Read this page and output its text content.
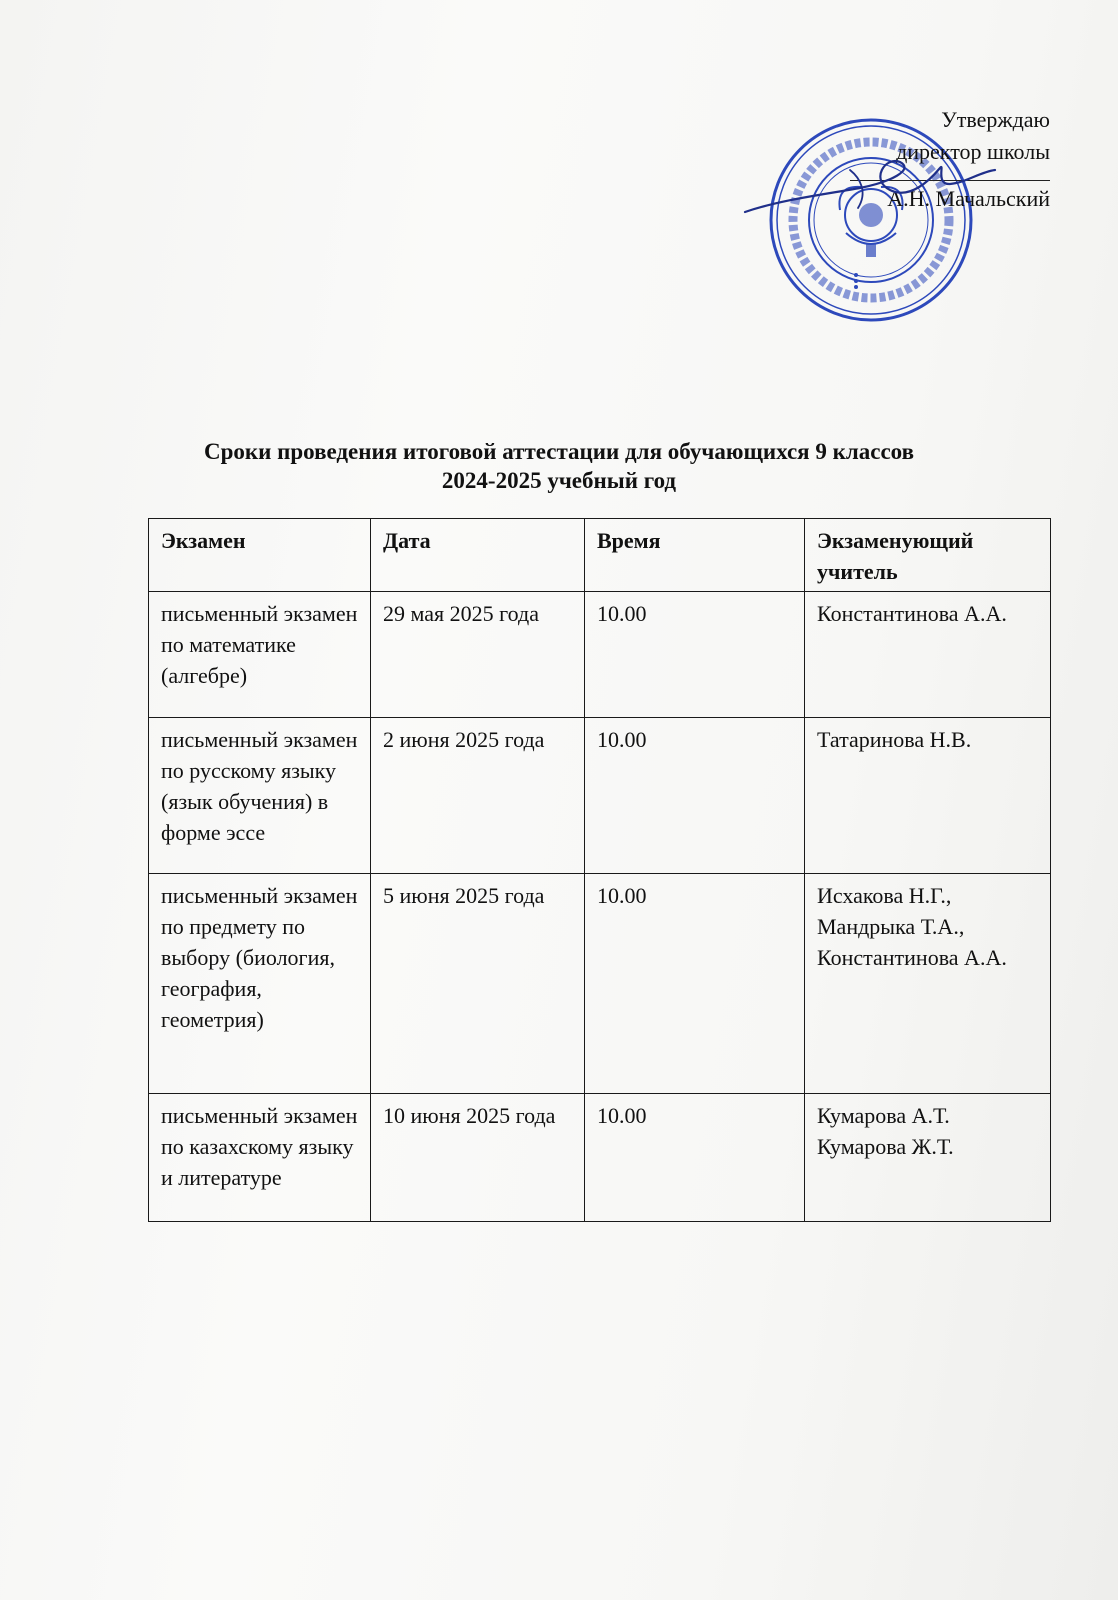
Утверждаю
директор школы
А.Н. Мачальский
Сроки проведения итоговой аттестации для обучающихся 9 классов
2024-2025 учебный год
Экзамен	Дата	Время	Экзаменующий учитель
письменный экзамен по математике (алгебре)	29 мая 2025 года	10.00	Константинова А.А.

письменный экзамен по русскому языку (язык обучения) в форме эссе	2 июня 2025 года	10.00	Татаринова Н.В.

письменный экзамен по предмету по выбору (биология, география, геометрия)	5 июня 2025 года	10.00	Исхакова Н.Г.,
Мандрыка Т.А.,
Константинова А.А.

письменный экзамен по казахскому языку и литературе	10 июня 2025 года	10.00	Кумарова А.Т.
Кумарова Ж.Т.
